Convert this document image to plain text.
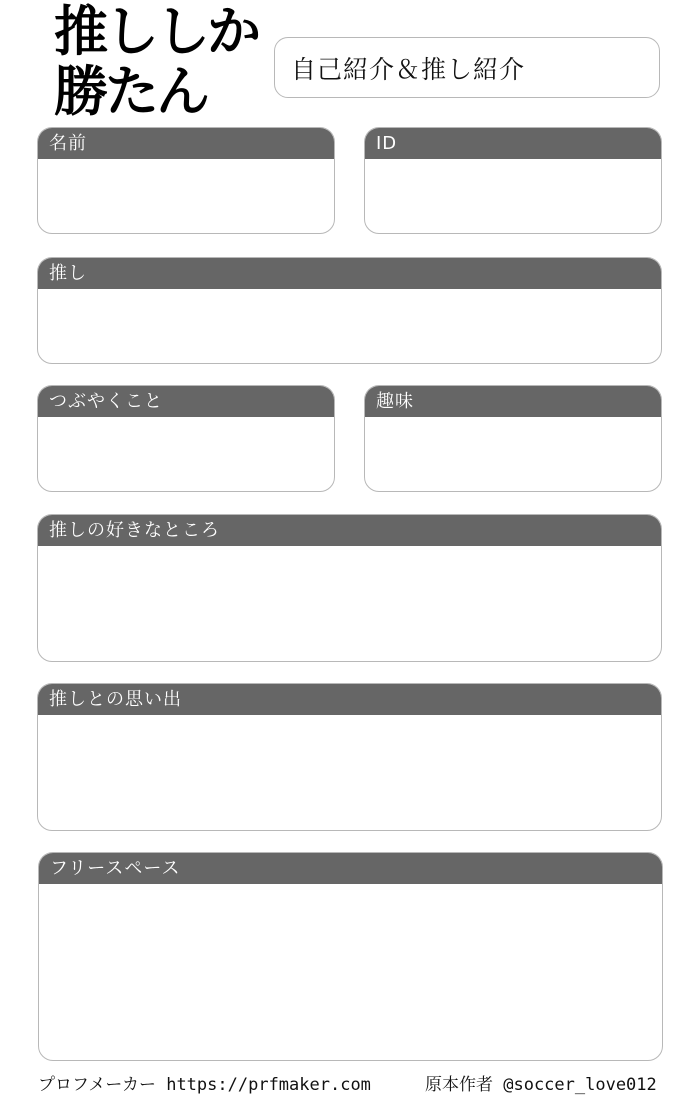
推ししか
勝たん	自己紹介＆推し紹介
名前	ID
推し
つぶやくこと	趣味
推しの好きなところ
推しとの思い出
フリースペース
プロフメーカー https://prfmaker.com	原本作者 @soccer_love012
